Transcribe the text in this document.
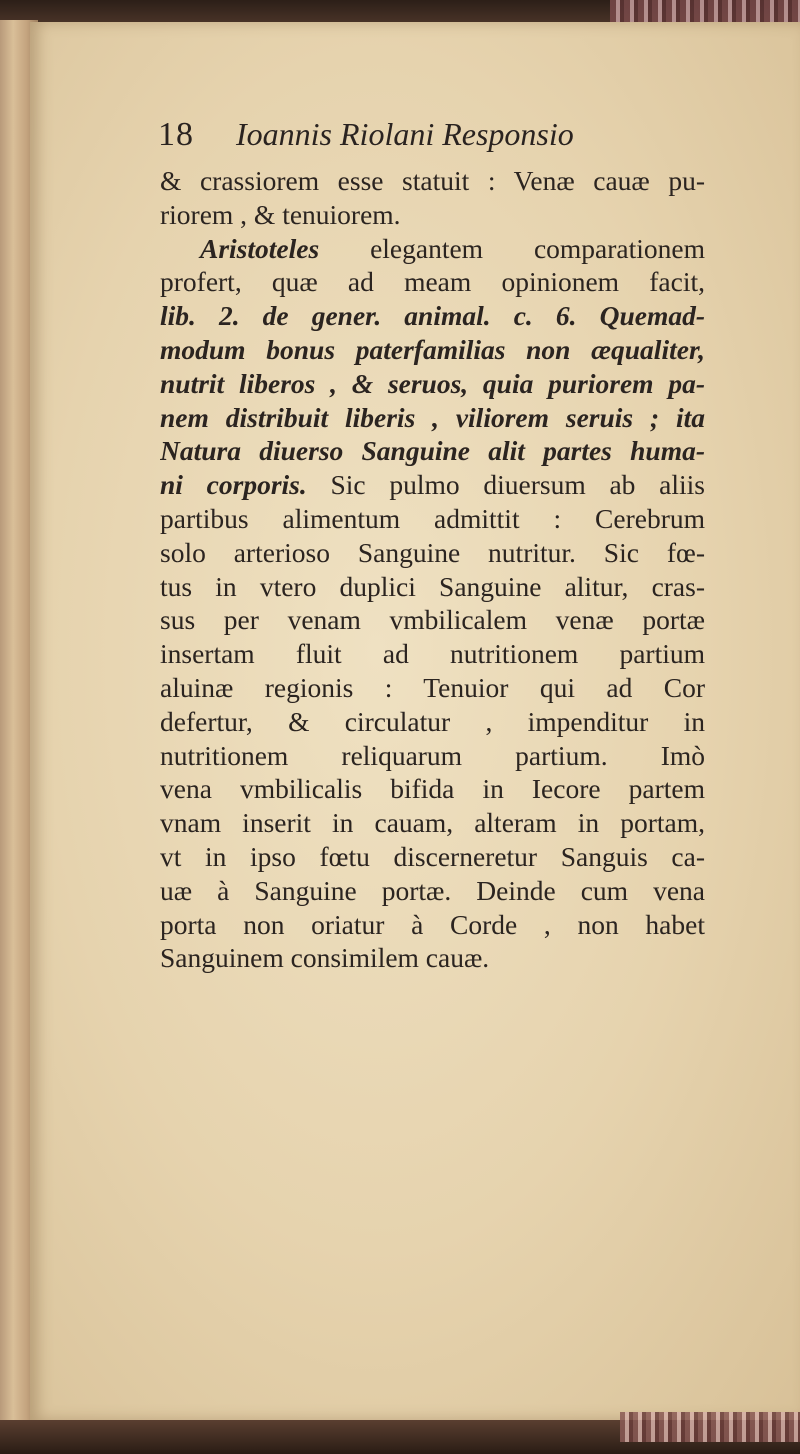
18 Ioannis Riolani Responsio
& crassiorem esse statuit : Venæ cauæ pu-
riorem , & tenuiorem.
Aristoteles elegantem comparationem
profert, quæ ad meam opinionem facit,
lib. 2. de gener. animal. c. 6. Quemad-
modum bonus paterfamilias non æqualiter,
nutrit liberos , & seruos, quia puriorem pa-
nem distribuit liberis , viliorem seruis ; ita
Natura diuerso Sanguine alit partes huma-
ni corporis. Sic pulmo diuersum ab aliis
partibus alimentum admittit : Cerebrum
solo arterioso Sanguine nutritur. Sic fœ-
tus in vtero duplici Sanguine alitur, cras-
sus per venam vmbilicalem venæ portæ
insertam fluit ad nutritionem partium
aluinæ regionis : Tenuior qui ad Cor
defertur, & circulatur , impenditur in
nutritionem reliquarum partium. Imò
vena vmbilicalis bifida in Iecore partem
vnam inserit in cauam, alteram in portam,
vt in ipso fœtu discerneretur Sanguis ca-
uæ à Sanguine portæ. Deinde cum vena
porta non oriatur à Corde , non habet
Sanguinem consimilem cauæ.
